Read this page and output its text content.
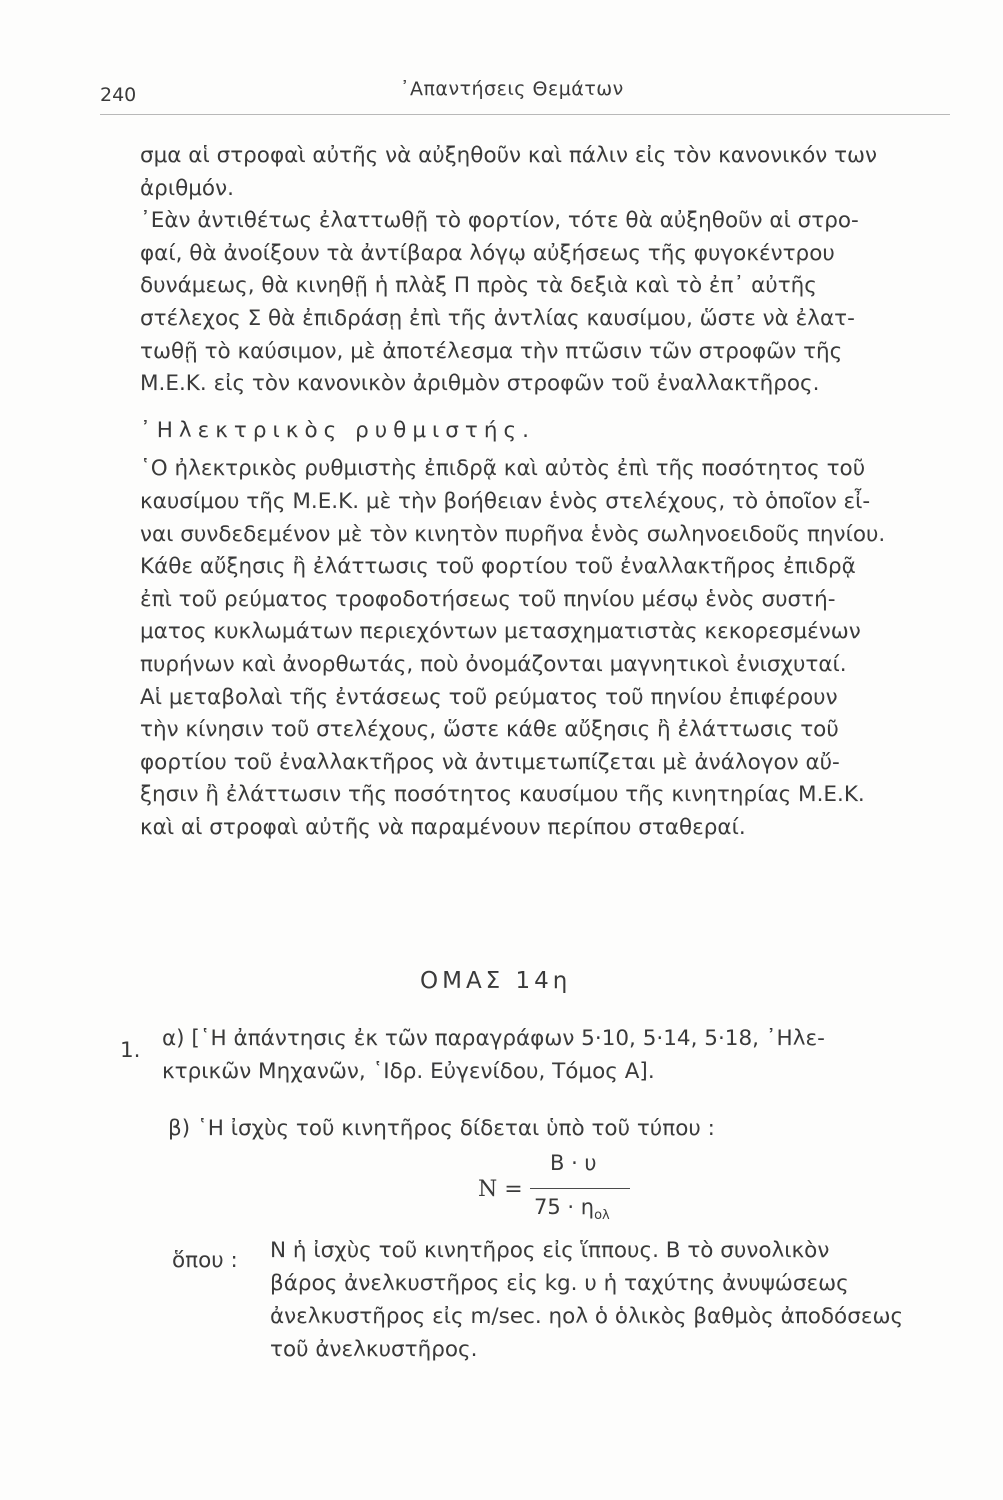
240	᾿Απαντήσεις Θεμάτων
σμα αἱ στροφαὶ αὐτῆς νὰ αὐξηθοῦν καὶ πάλιν εἰς τὸν κανονικόν των
ἀριθμόν.
᾿Εὰν ἀντιθέτως ἐλαττωθῇ τὸ φορτίον, τότε θὰ αὐξηθοῦν αἱ στρο-
φαί, θὰ ἀνοίξουν τὰ ἀντίβαρα λόγῳ αὐξήσεως τῆς φυγοκέντρου
δυνάμεως, θὰ κινηθῇ ἡ πλὰξ Π πρὸς τὰ δεξιὰ καὶ τὸ ἐπ᾿ αὐτῆς
στέλεχος Σ θὰ ἐπιδράσῃ ἐπὶ τῆς ἀντλίας καυσίμου, ὥστε νὰ ἐλατ-
τωθῇ τὸ καύσιμον, μὲ ἀποτέλεσμα τὴν πτῶσιν τῶν στροφῶν τῆς
Μ.Ε.Κ. εἰς τὸν κανονικὸν ἀριθμὸν στροφῶν τοῦ ἐναλλακτῆρος.
᾿Ηλεκτρικὸς ρυθμιστής.
῾Ο ἠλεκτρικὸς ρυθμιστὴς ἐπιδρᾷ καὶ αὐτὸς ἐπὶ τῆς ποσότητος τοῦ
καυσίμου τῆς Μ.Ε.Κ. μὲ τὴν βοήθειαν ἑνὸς στελέχους, τὸ ὁποῖον εἶ-
ναι συνδεδεμένον μὲ τὸν κινητὸν πυρῆνα ἑνὸς σωληνοειδοῦς πηνίου.
Κάθε αὔξησις ἢ ἐλάττωσις τοῦ φορτίου τοῦ ἐναλλακτῆρος ἐπιδρᾷ
ἐπὶ τοῦ ρεύματος τροφοδοτήσεως τοῦ πηνίου μέσῳ ἑνὸς συστή-
ματος κυκλωμάτων περιεχόντων μετασχηματιστὰς κεκορεσμένων
πυρήνων καὶ ἀνορθωτάς, ποὺ ὀνομάζονται μαγνητικοὶ ἐνισχυταί.
Αἱ μεταβολαὶ τῆς ἐντάσεως τοῦ ρεύματος τοῦ πηνίου ἐπιφέρουν
τὴν κίνησιν τοῦ στελέχους, ὥστε κάθε αὔξησις ἢ ἐλάττωσις τοῦ
φορτίου τοῦ ἐναλλακτῆρος νὰ ἀντιμετωπίζεται μὲ ἀνάλογον αὔ-
ξησιν ἢ ἐλάττωσιν τῆς ποσότητος καυσίμου τῆς κινητηρίας Μ.Ε.Κ.
καὶ αἱ στροφαὶ αὐτῆς νὰ παραμένουν περίπου σταθεραί.
ΟΜΑΣ 14η
1. α) [῾Η ἀπάντησις ἐκ τῶν παραγράφων 5·10, 5·14, 5·18, ᾿Ηλε-
κτρικῶν Μηχανῶν, ῾Ιδρ. Εὐγενίδου, Τόμος Α].
β) ῾Η ἰσχὺς τοῦ κινητῆρος δίδεται ὑπὸ τοῦ τύπου :
N =
B · υ
$75 \cdot \eta_{o\lambda}$
ὅπου : Ν ἡ ἰσχὺς τοῦ κινητῆρος εἰς ἵππους. Β τὸ συνολικὸν
βάρος ἀνελκυστῆρος εἰς kg. υ ἡ ταχύτης ἀνυψώσεως
ἀνελκυστῆρος εἰς m/sec. ηολ ὁ ὁλικὸς βαθμὸς ἀποδόσεως
τοῦ ἀνελκυστῆρος.
